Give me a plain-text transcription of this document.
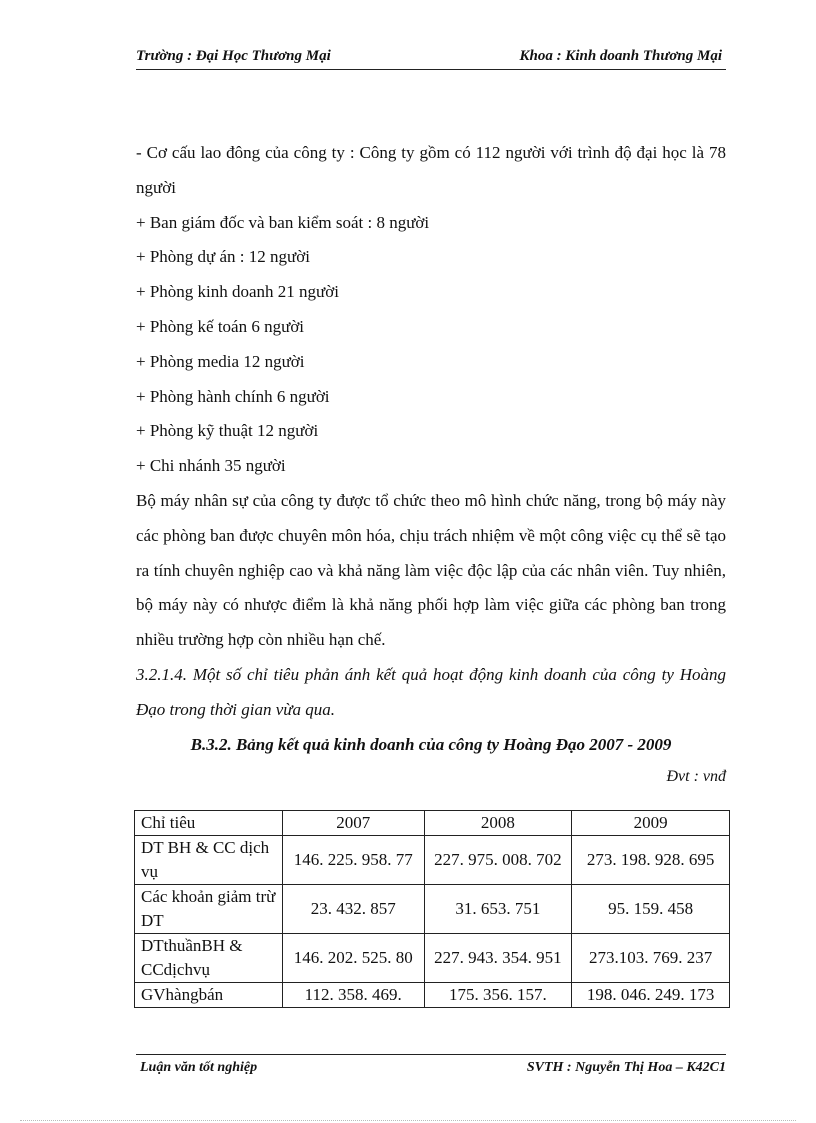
Trường : Đại Học Thương Mại	Khoa : Kinh doanh Thương Mại

- Cơ cấu lao đông của công ty : Công ty gồm có 112 người với trình độ đại học là 78 người

+ Ban giám đốc và ban kiểm soát : 8 người

+ Phòng dự án : 12 người

+ Phòng kinh doanh 21 người

+ Phòng kế toán 6 người

+ Phòng media 12 người

+ Phòng hành chính 6 người

+ Phòng kỹ thuật 12 người

+ Chi nhánh 35 người

Bộ máy nhân sự của công ty được tổ chức theo mô hình chức năng, trong bộ máy này các phòng ban được chuyên môn hóa, chịu trách nhiệm về một công việc cụ thể sẽ tạo ra tính chuyên nghiệp cao và khả năng làm việc độc lập của các nhân viên. Tuy nhiên, bộ máy này có nhược điểm là khả năng phối hợp làm việc giữa các phòng ban trong nhiều trường hợp còn nhiều hạn chế.

3.2.1.4. Một số chỉ tiêu phản ánh kết quả hoạt động kinh doanh của công ty Hoàng Đạo trong thời gian vừa qua.

B.3.2. Bảng kết quả kinh doanh của công ty Hoàng Đạo 2007 - 2009

Đvt : vnđ

Chỉ tiêu	2007	2008	2009
DT BH & CC dịch vụ	146. 225. 958. 77	227. 975. 008. 702	273. 198. 928. 695
Các khoản giảm trừ DT	23. 432. 857	31. 653. 751	95. 159. 458
DTthuầnBH & CCdịchvụ	146. 202. 525. 80	227. 943. 354. 951	273.103. 769. 237
GVhàngbán	112. 358. 469.	175. 356. 157.	198. 046. 249. 173
Luận văn tốt nghiệp	SVTH : Nguyễn Thị Hoa – K42C1
